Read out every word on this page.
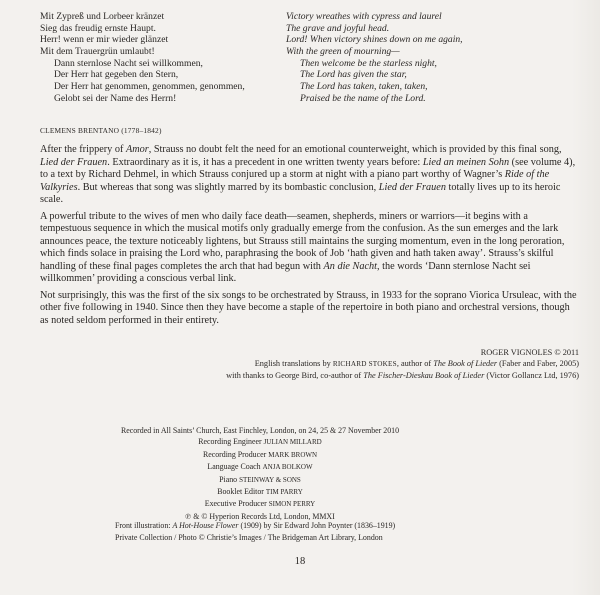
Mit Zypreß und Lorbeer kränzet
Sieg das freudig ernste Haupt.
Herr! wenn er mir wieder glänzet
Mit dem Trauergrün umlaubt!
Dann sternlose Nacht sei willkommen,
Der Herr hat gegeben den Stern,
Der Herr hat genommen, genommen, genommen,
Gelobt sei der Name des Herrn!
Victory wreathes with cypress and laurel
The grave and joyful head.
Lord! When victory shines down on me again,
With the green of mourning—
Then welcome be the starless night,
The Lord has given the star,
The Lord has taken, taken, taken,
Praised be the name of the Lord.
CLEMENS BRENTANO (1778–1842)

After the frippery of Amor, Strauss no doubt felt the need for an emotional counterweight, which is provided by this final song, Lied der Frauen. Extraordinary as it is, it has a precedent in one written twenty years before: Lied an meinen Sohn (see volume 4), to a text by Richard Dehmel, in which Strauss conjured up a storm at night with a piano part worthy of Wagner’s Ride of the Valkyries. But whereas that song was slightly marred by its bombastic conclusion, Lied der Frauen totally lives up to its heroic scale.

A powerful tribute to the wives of men who daily face death—seamen, shepherds, miners or warriors—it begins with a tempestuous sequence in which the musical motifs only gradually emerge from the confusion. As the sun emerges and the lark announces peace, the texture noticeably lightens, but Strauss still maintains the surging momentum, even in the long peroration, which finds solace in praising the Lord who, paraphrasing the book of Job ‘hath given and hath taken away’. Strauss’s skilful handling of these final pages completes the arch that had begun with An die Nacht, the words ‘Dann sternlose Nacht sei willkommen’ providing a conscious verbal link.

Not surprisingly, this was the first of the six songs to be orchestrated by Strauss, in 1933 for the soprano Viorica Ursuleac, with the other five following in 1940. Since then they have become a staple of the repertoire in both piano and orchestral versions, though as noted seldom performed in their entirety.

ROGER VIGNOLES © 2011
English translations by RICHARD STOKES, author of The Book of Lieder (Faber and Faber, 2005)
with thanks to George Bird, co-author of The Fischer-Dieskau Book of Lieder (Victor Gollancz Ltd, 1976)
Recorded in All Saints’ Church, East Finchley, London, on 24, 25 & 27 November 2010
Recording Engineer JULIAN MILLARD
Recording Producer MARK BROWN
Language Coach ANJA BOLKOW
Piano STEINWAY & SONS
Booklet Editor TIM PARRY
Executive Producer SIMON PERRY
℗ & © Hyperion Records Ltd, London, MMXI
Front illustration: A Hot-House Flower (1909) by Sir Edward John Poynter (1836–1919)
Private Collection / Photo © Christie’s Images / The Bridgeman Art Library, London
18
